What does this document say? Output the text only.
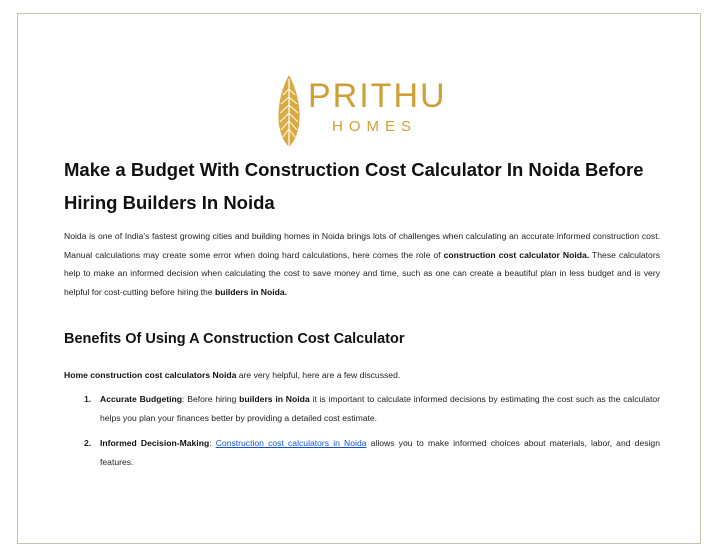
PRITHU
HOMES
Make a Budget With Construction Cost Calculator In Noida Before Hiring Builders In Noida

Noida is one of India's fastest growing cities and building homes in Noida brings lots of challenges when calculating an accurate informed construction cost. Manual calculations may create some error when doing hard calculations, here comes the role of construction cost calculator Noida. These calculators help to make an informed decision when calculating the cost to save money and time, such as one can create a beautiful plan in less budget and is very helpful for cost-cutting before hiring the builders in Noida.

Benefits Of Using A Construction Cost Calculator

Home construction cost calculators Noida are very helpful, here are a few discussed.

1. Accurate Budgeting: Before hiring builders in Noida it is important to calculate informed decisions by estimating the cost such as the calculator helps you plan your finances better by providing a detailed cost estimate.
2. Informed Decision-Making: Construction cost calculators in Noida allows you to make informed choices about materials, labor, and design features.
